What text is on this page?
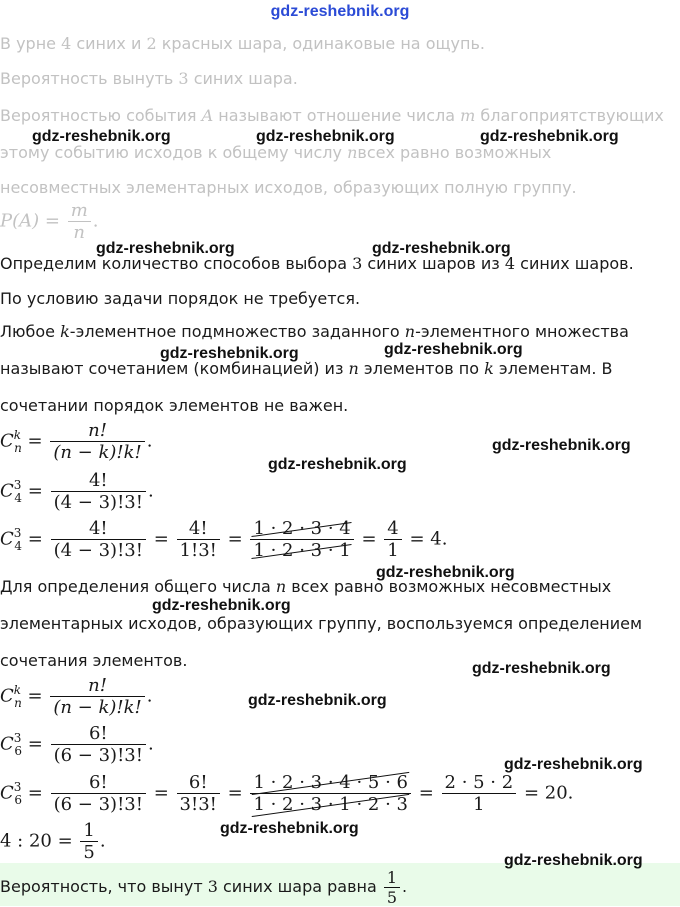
gdz-reshebnik.org
В урне 4 синих и 2 красных шара, одинаковые на ощупь.
Вероятность вынуть 3 синих шара.
Вероятностью события A называют отношение числа m благоприятствующих
этому событию исходов к общему числу nвсех равно возможных
несовместных элементарных исходов, образующих полную группу.
$P(A) = \frac{m}{n}$ .
Определим количество способов выбора 3 синих шаров из 4 синих шаров.
По условию задачи порядок не требуется.
Любое k-элементное подмножество заданного n-элементного множества
называют сочетанием (комбинацией) из n элементов по k элементам. В
сочетании порядок элементов не важен.
$C^k_n = \frac{n!}{(n - k)!k!}$ .
$C^3_4 = \frac{4!}{(4 - 3)!3!}$ .
$C^3_4 = \frac{4!}{(4 - 3)!3!} = \frac{4!}{1!3!} = \frac{1 \cdot 2 \cdot 3 \cdot 4}{1 \cdot 2 \cdot 3 \cdot 1} = \frac{4}{1} = 4$.
Для определения общего числа n всех равно возможных несовместных
элементарных исходов, образующих группу, воспользуемся определением
сочетания элементов.
$C^k_n = \frac{n!}{(n - k)!k!}$ .
$C^3_6 = \frac{6!}{(6 - 3)!3!}$ .
$C^3_6 = \frac{6!}{(6 - 3)!3!} = \frac{6!}{3!3!} = \frac{1 \cdot 2 \cdot 3 \cdot 4 \cdot 5 \cdot 6}{1 \cdot 2 \cdot 3 \cdot 1 \cdot 2 \cdot 3} = \frac{2 \cdot 5 \cdot 2}{1} = 20$.
4 : $20 = \frac{1}{5}$ .
Вероятность, что вынут 3 синих шара равна $\frac{1}{5}$ .
gdz-reshebnik.org	gdz-reshebnik.org	gdz-reshebnik.org
gdz-reshebnik.org	gdz-reshebnik.org
gdz-reshebnik.org	gdz-reshebnik.org
gdz-reshebnik.org
gdz-reshebnik.org
gdz-reshebnik.org
gdz-reshebnik.org
gdz-reshebnik.org
gdz-reshebnik.org
gdz-reshebnik.org
gdz-reshebnik.org
gdz-reshebnik.org
